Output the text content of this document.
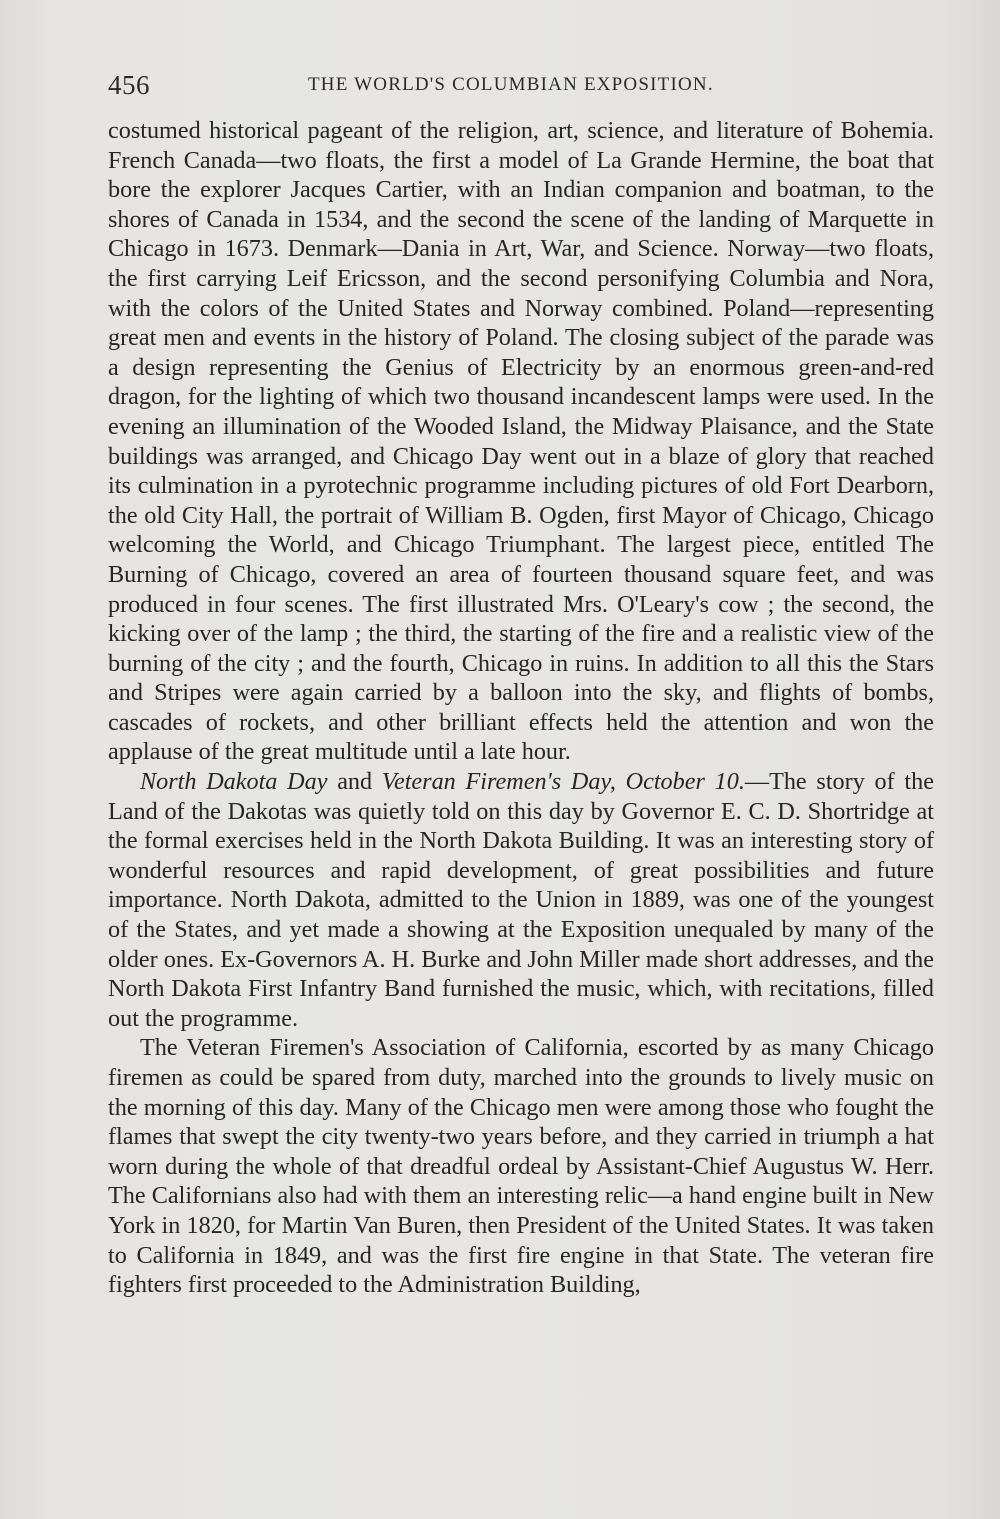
456	THE WORLD'S COLUMBIAN EXPOSITION.

costumed historical pageant of the religion, art, science, and literature of Bohemia. French Canada—two floats, the first a model of La Grande Hermine, the boat that bore the explorer Jacques Cartier, with an Indian companion and boatman, to the shores of Canada in 1534, and the second the scene of the landing of Marquette in Chicago in 1673. Denmark—Dania in Art, War, and Science. Norway—two floats, the first carrying Leif Ericsson, and the second personifying Columbia and Nora, with the colors of the United States and Norway combined. Poland—representing great men and events in the history of Poland. The closing subject of the parade was a design representing the Genius of Electricity by an enormous green-and-red dragon, for the lighting of which two thousand incandescent lamps were used. In the evening an illumination of the Wooded Island, the Midway Plaisance, and the State buildings was arranged, and Chicago Day went out in a blaze of glory that reached its culmination in a pyrotechnic programme including pictures of old Fort Dearborn, the old City Hall, the portrait of William B. Ogden, first Mayor of Chicago, Chicago welcoming the World, and Chicago Triumphant. The largest piece, entitled The Burning of Chicago, covered an area of fourteen thousand square feet, and was produced in four scenes. The first illustrated Mrs. O'Leary's cow ; the second, the kicking over of the lamp ; the third, the starting of the fire and a realistic view of the burning of the city ; and the fourth, Chicago in ruins. In addition to all this the Stars and Stripes were again carried by a balloon into the sky, and flights of bombs, cascades of rockets, and other brilliant effects held the attention and won the applause of the great multitude until a late hour.

North Dakota Day and Veteran Firemen's Day, October 10.—The story of the Land of the Dakotas was quietly told on this day by Governor E. C. D. Shortridge at the formal exercises held in the North Dakota Building. It was an interesting story of wonderful resources and rapid development, of great possibilities and future importance. North Dakota, admitted to the Union in 1889, was one of the youngest of the States, and yet made a showing at the Exposition unequaled by many of the older ones. Ex-Governors A. H. Burke and John Miller made short addresses, and the North Dakota First Infantry Band furnished the music, which, with recitations, filled out the programme.

The Veteran Firemen's Association of California, escorted by as many Chicago firemen as could be spared from duty, marched into the grounds to lively music on the morning of this day. Many of the Chicago men were among those who fought the flames that swept the city twenty-two years before, and they carried in triumph a hat worn during the whole of that dreadful ordeal by Assistant-Chief Augustus W. Herr. The Californians also had with them an interesting relic—a hand engine built in New York in 1820, for Martin Van Buren, then President of the United States. It was taken to California in 1849, and was the first fire engine in that State. The veteran fire fighters first proceeded to the Administration Building,
